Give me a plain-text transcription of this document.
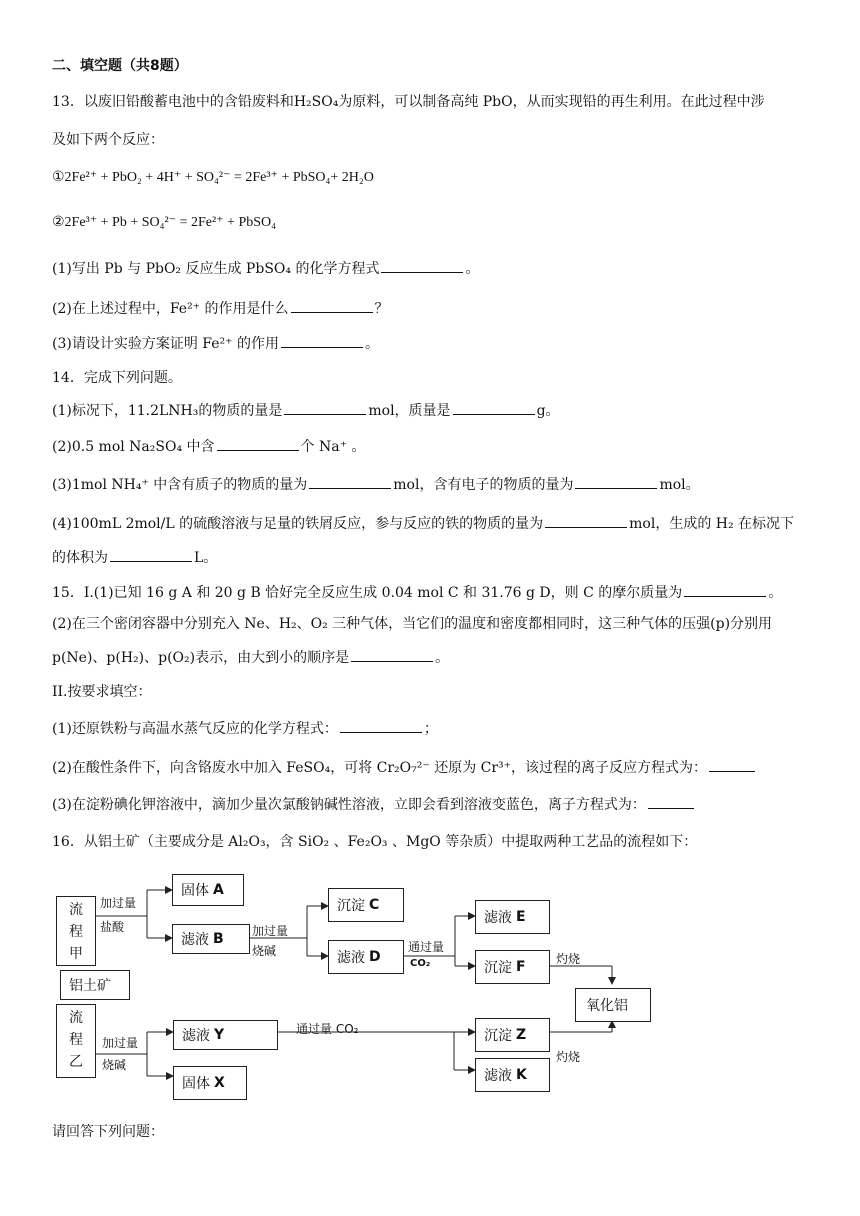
二、填空题（共8题）
13．以废旧铅酸蓄电池中的含铅废料和H₂SO₄为原料，可以制备高纯 PbO，从而实现铅的再生利用。在此过程中涉
及如下两个反应：
①2Fe²⁺ + PbO₂ + 4H⁺ + SO₄²⁻ = 2Fe³⁺ + PbSO₄+ 2H₂O
②2Fe³⁺ + Pb + SO₄²⁻ = 2Fe²⁺ + PbSO₄
(1)写出 Pb 与 PbO₂ 反应生成 PbSO₄ 的化学方程式	。
(2)在上述过程中，Fe²⁺ 的作用是什么	？
(3)请设计实验方案证明 Fe²⁺ 的作用	。
14．完成下列问题。
(1)标况下，11.2LNH₃的物质的量是	mol，质量是	g。
(2)0.5 mol Na₂SO₄ 中含	个 Na⁺ 。
(3)1mol NH₄⁺ 中含有质子的物质的量为	mol，含有电子的物质的量为	mol。
(4)100mL 2mol/L 的硫酸溶液与足量的铁屑反应，参与反应的铁的物质的量为	mol，生成的 H₂ 在标况下
的体积为	L。
15．I.(1)已知 16 g A 和 20 g B 恰好完全反应生成 0.04 mol C 和 31.76 g D，则 C 的摩尔质量为	。
(2)在三个密闭容器中分别充入 Ne、H₂、O₂ 三种气体，当它们的温度和密度都相同时，这三种气体的压强(p)分别用
p(Ne)、p(H₂)、p(O₂)表示，由大到小的顺序是	。
II.按要求填空：
(1)还原铁粉与高温水蒸气反应的化学方程式：	；
(2)在酸性条件下，向含铬废水中加入 FeSO₄，可将 Cr₂O₇²⁻ 还原为 Cr³⁺，该过程的离子反应方程式为：
(3)在淀粉碘化钾溶液中，滴加少量次氯酸钠碱性溶液，立即会看到溶液变蓝色，离子方程式为：
16．从铝土矿（主要成分是 Al₂O₃，含 SiO₂ 、Fe₂O₃ 、MgO 等杂质）中提取两种工艺品的流程如下：
流程甲
铝土矿
流程乙
固体 A
滤液 B
沉淀 C
滤液 D
滤液 E
沉淀 F
氧化铝
滤液 Y
固体 X
沉淀 Z
滤液 K
加过量
盐酸	加过量
烧碱	通过量
CO₂	灼烧
加过量
烧碱
通过量 CO₂
灼烧
请回答下列问题：
